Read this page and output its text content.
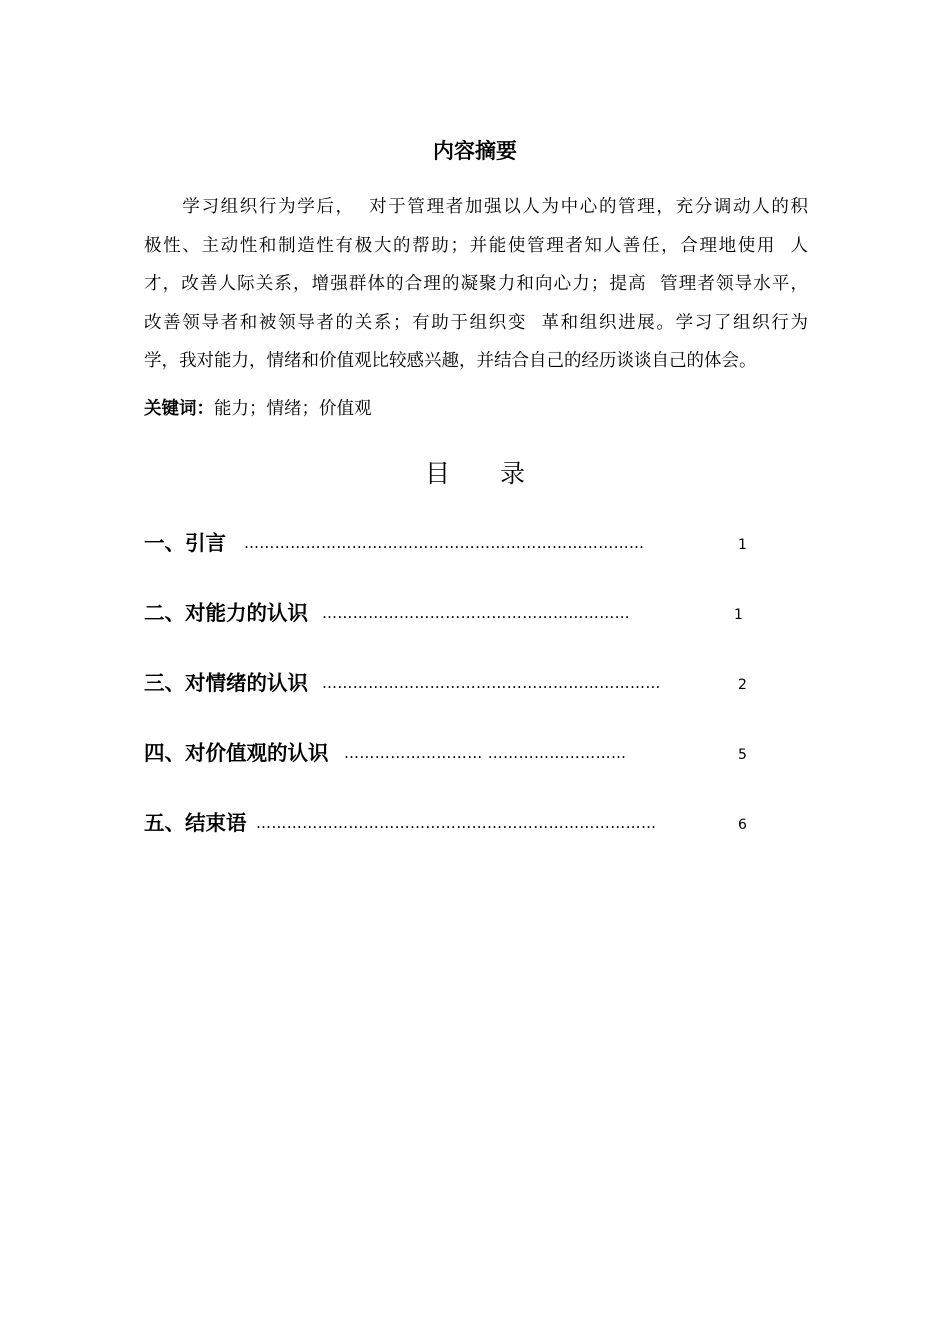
内容摘要
　　学习组织行为学后，  对于管理者加强以人为中心的管理，充分调动人的积
极性、主动性和制造性有极大的帮助；并能使管理者知人善任，合理地使用  人
才，改善人际关系，增强群体的合理的凝聚力和向心力；提高  管理者领导水平，
改善领导者和被领导者的关系；有助于组织变  革和组织进展。学习了组织行为
学，我对能力，情绪和价值观比较感兴趣，并结合自己的经历谈谈自己的体会。
关键词：能力；情绪；价值观
目 录
一、引言 ……………………………………………………………………	1
二、对能力的认识 ……………………………………………………	1
三、对情绪的认识 …………………………………………………………	2
四、对价值观的认识 ……………………… ………………………	5
五、结束语 ……………………………………………………………………	6
